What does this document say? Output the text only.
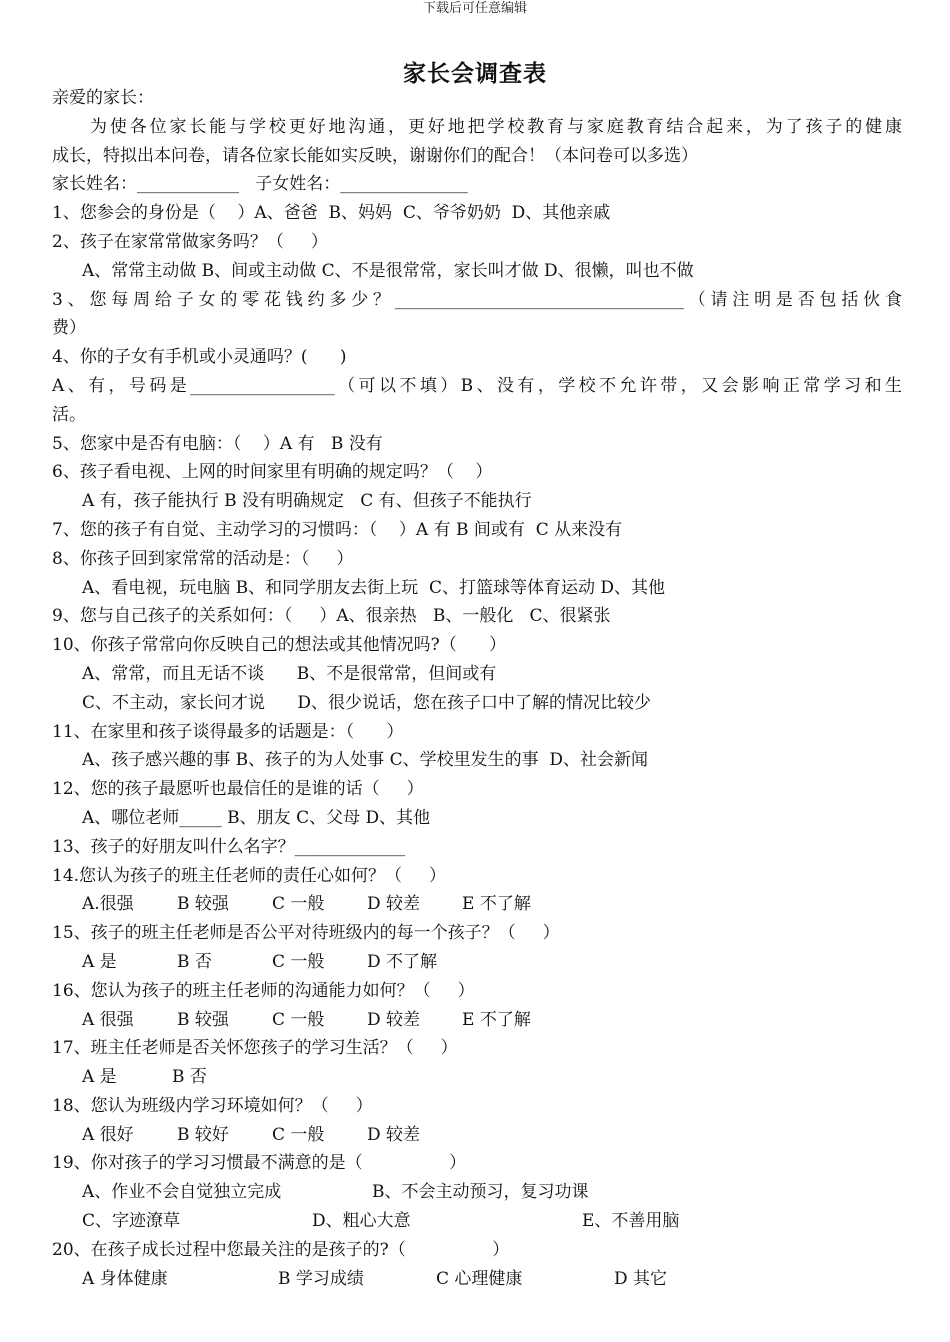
下载后可任意编辑
家长会调查表
亲爱的家长：
为使各位家长能与学校更好地沟通，更好地把学校教育与家庭教育结合起来，为了孩子的健康
成长，特拟出本问卷，请各位家长能如实反映，谢谢你们的配合！（本问卷可以多选）
家长姓名：____________   子女姓名：_______________
1、您参会的身份是（    ）A、爸爸  B、妈妈  C、爷爷奶奶  D、其他亲戚
2、孩子在家常常做家务吗？（     ）
A、常常主动做 B、间或主动做 C、不是很常常，家长叫才做 D、很懒，叫也不做
3、您每周给子女的零花钱约多少？__________________________________（请注明是否包括伙食
费）
4、你的子女有手机或小灵通吗？(      )
A、有，号码是_________________（可以不填）B、没有，学校不允许带，又会影响正常学习和生
活。
5、您家中是否有电脑：（    ）A 有   B 没有
6、孩子看电视、上网的时间家里有明确的规定吗？（    ）
A 有，孩子能执行 B 没有明确规定   C 有、但孩子不能执行
7、您的孩子有自觉、主动学习的习惯吗：（    ）A 有 B 间或有  C 从来没有
8、你孩子回到家常常的活动是：（     ）
A、看电视，玩电脑 B、和同学朋友去街上玩  C、打篮球等体育运动 D、其他
9、您与自己孩子的关系如何：（     ）A、很亲热   B、一般化   C、很紧张
10、你孩子常常向你反映自己的想法或其他情况吗?（      ）
A、常常，而且无话不谈      B、不是很常常，但间或有
C、不主动，家长问才说      D、很少说话，您在孩子口中了解的情况比较少
11、在家里和孩子谈得最多的话题是：（      ）
A、孩子感兴趣的事 B、孩子的为人处事 C、学校里发生的事  D、社会新闻
12、您的孩子最愿听也最信任的是谁的话（     ）
A、哪位老师_____ B、朋友 C、父母 D、其他
13、孩子的好朋友叫什么名字？_____________
14.您认为孩子的班主任老师的责任心如何？（     ）
A.很强	B 较强	C 一般	D 较差	E 不了解
15、孩子的班主任老师是否公平对待班级内的每一个孩子？（     ）
A 是	B 否	C 一般	D 不了解
16、您认为孩子的班主任老师的沟通能力如何？（     ）
A 很强	B 较强	C 一般	D 较差	E 不了解
17、班主任老师是否关怀您孩子的学习生活？（     ）
A 是	B 否
18、您认为班级内学习环境如何？（     ）
A 很好	B 较好	C 一般	D 较差
19、你对孩子的学习习惯最不满意的是（                ）
A、作业不会自觉独立完成	B、不会主动预习，复习功课
C、字迹潦草	D、粗心大意	E、不善用脑
20、在孩子成长过程中您最关注的是孩子的?（                ）
A 身体健康	B 学习成绩	C 心理健康	D 其它
